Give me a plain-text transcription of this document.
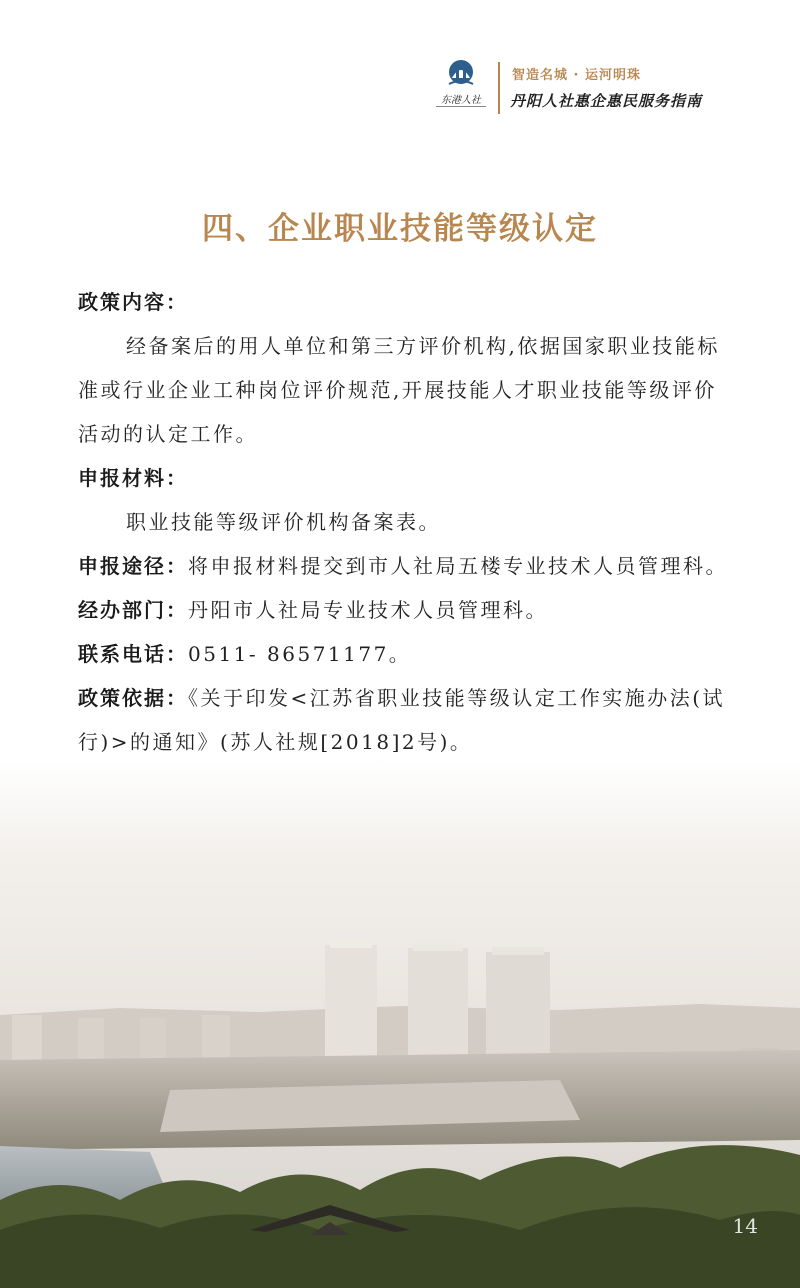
东港人社
智造名城 · 运河明珠
丹阳人社惠企惠民服务指南
四、企业职业技能等级认定

政策内容：

经备案后的用人单位和第三方评价机构,依据国家职业技能标准或行业企业工种岗位评价规范,开展技能人才职业技能等级评价活动的认定工作。

申报材料：

职业技能等级评价机构备案表。

申报途径：将申报材料提交到市人社局五楼专业技术人员管理科。

经办部门：丹阳市人社局专业技术人员管理科。

联系电话：0511- 86571177。

政策依据：《关于印发<江苏省职业技能等级认定工作实施办法(试行)>的通知》(苏人社规[2018]2号)。

14
